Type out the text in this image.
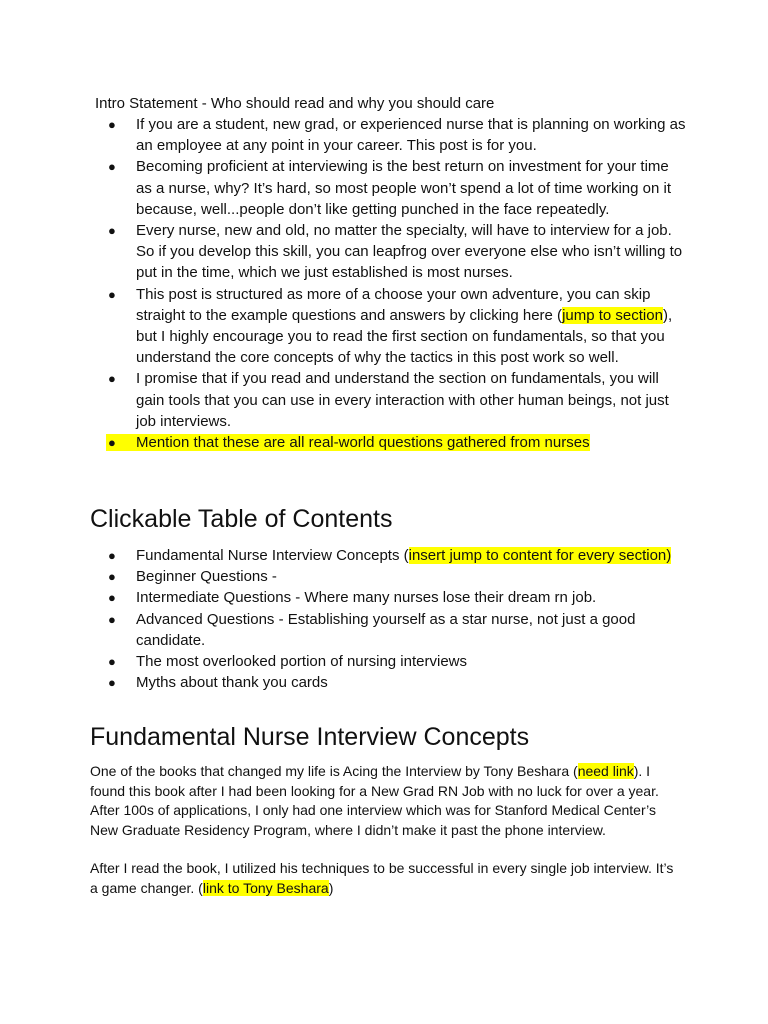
Intro Statement - Who should read and why you should care
● If you are a student, new grad, or experienced nurse that is planning on working as an employee at any point in your career. This post is for you.
● Becoming proficient at interviewing is the best return on investment for your time as a nurse, why? It’s hard, so most people won’t spend a lot of time working on it because, well...people don’t like getting punched in the face repeatedly.
● Every nurse, new and old, no matter the specialty, will have to interview for a job. So if you develop this skill, you can leapfrog over everyone else who isn’t willing to put in the time, which we just established is most nurses.
● This post is structured as more of a choose your own adventure, you can skip straight to the example questions and answers by clicking here (jump to section), but I highly encourage you to read the first section on fundamentals, so that you understand the core concepts of why the tactics in this post work so well.
● I promise that if you read and understand the section on fundamentals, you will gain tools that you can use in every interaction with other human beings, not just job interviews.
● Mention that these are all real-world questions gathered from nurses
Clickable Table of Contents
● Fundamental Nurse Interview Concepts (insert jump to content for every section)
● Beginner Questions -
● Intermediate Questions - Where many nurses lose their dream rn job.
● Advanced Questions - Establishing yourself as a star nurse, not just a good candidate.
● The most overlooked portion of nursing interviews
● Myths about thank you cards
Fundamental Nurse Interview Concepts

One of the books that changed my life is Acing the Interview by Tony Beshara (need link). I found this book after I had been looking for a New Grad RN Job with no luck for over a year. After 100s of applications, I only had one interview which was for Stanford Medical Center’s New Graduate Residency Program, where I didn’t make it past the phone interview.

After I read the book, I utilized his techniques to be successful in every single job interview. It’s a game changer. (link to Tony Beshara)
